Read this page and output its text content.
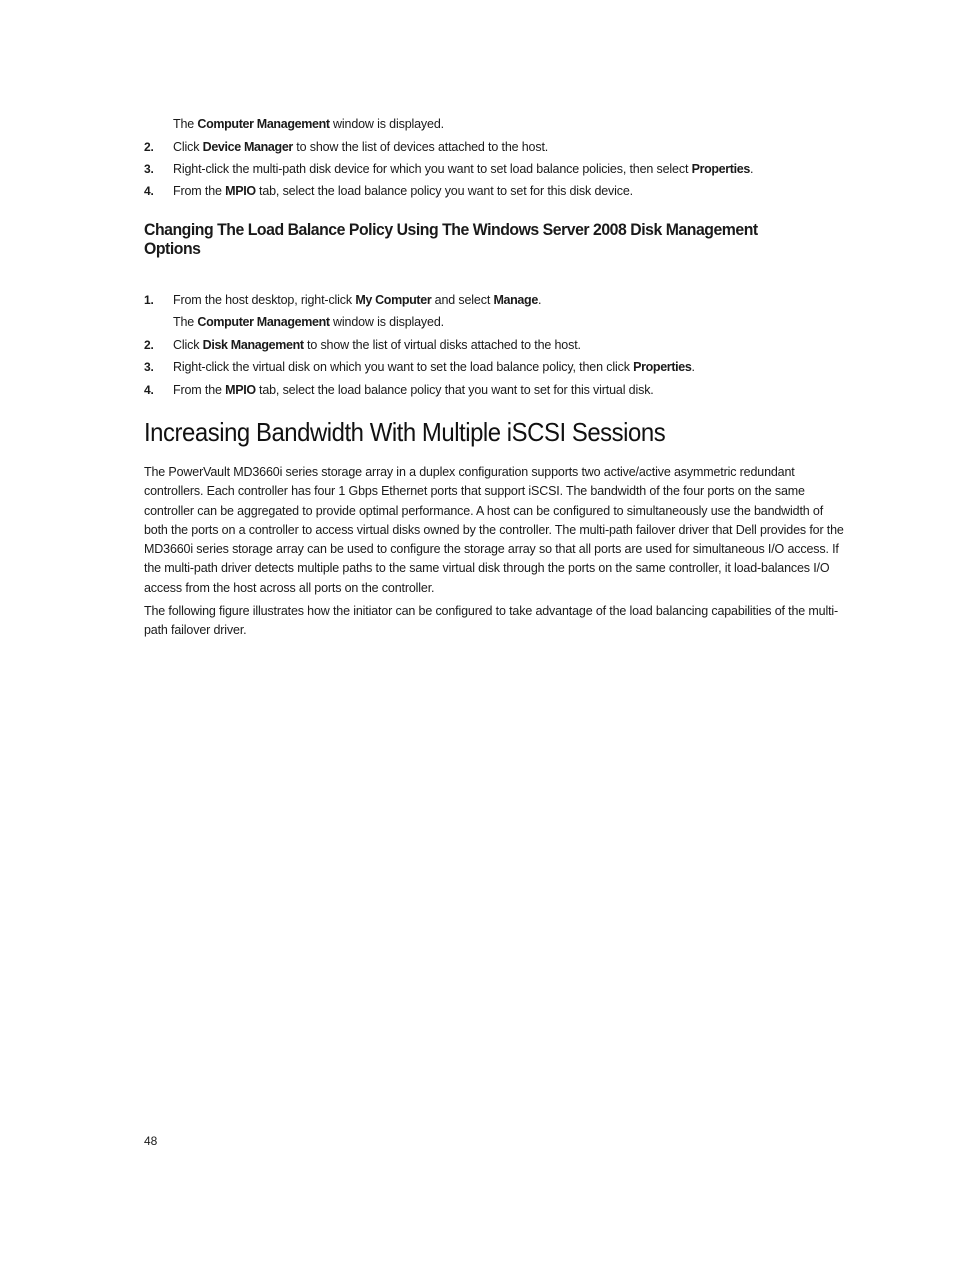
The Computer Management window is displayed.
2. Click Device Manager to show the list of devices attached to the host.
3. Right-click the multi-path disk device for which you want to set load balance policies, then select Properties.
4. From the MPIO tab, select the load balance policy you want to set for this disk device.
Changing The Load Balance Policy Using The Windows Server 2008 Disk Management Options
1. From the host desktop, right-click My Computer and select Manage.
The Computer Management window is displayed.
2. Click Disk Management to show the list of virtual disks attached to the host.
3. Right-click the virtual disk on which you want to set the load balance policy, then click Properties.
4. From the MPIO tab, select the load balance policy that you want to set for this virtual disk.
Increasing Bandwidth With Multiple iSCSI Sessions
The PowerVault MD3660i series storage array in a duplex configuration supports two active/active asymmetric redundant controllers. Each controller has four 1 Gbps Ethernet ports that support iSCSI. The bandwidth of the four ports on the same controller can be aggregated to provide optimal performance. A host can be configured to simultaneously use the bandwidth of both the ports on a controller to access virtual disks owned by the controller. The multi-path failover driver that Dell provides for the MD3660i series storage array can be used to configure the storage array so that all ports are used for simultaneous I/O access. If the multi-path driver detects multiple paths to the same virtual disk through the ports on the same controller, it load-balances I/O access from the host across all ports on the controller.
The following figure illustrates how the initiator can be configured to take advantage of the load balancing capabilities of the multi-path failover driver.
48
